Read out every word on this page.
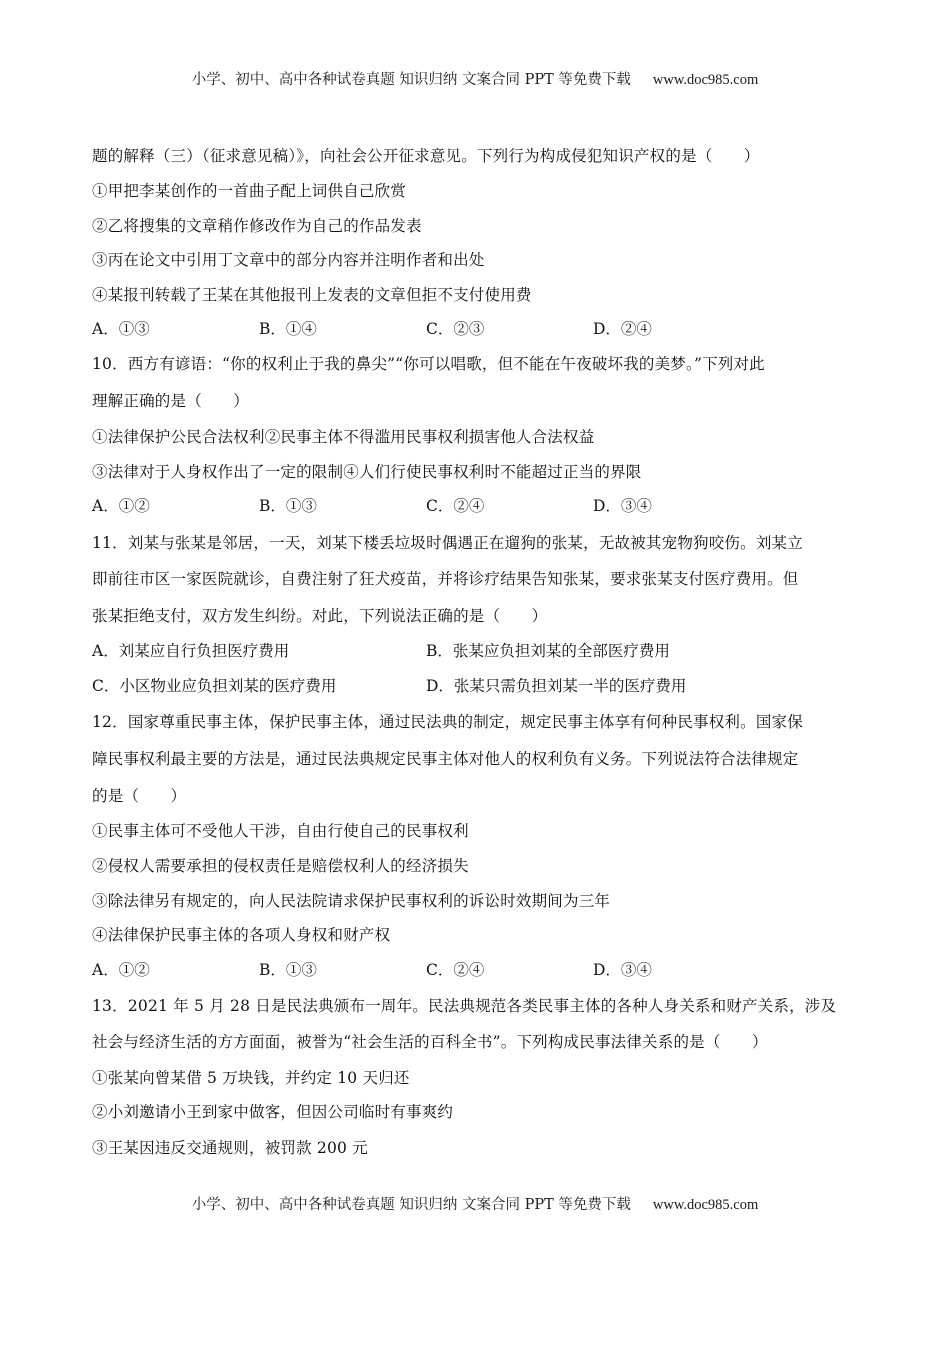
小学、初中、高中各种试卷真题 知识归纳 文案合同 PPT 等免费下载 www.doc985.com
题的解释（三）（征求意见稿）》，向社会公开征求意见。下列行为构成侵犯知识产权的是（　　）
①甲把李某创作的一首曲子配上词供自己欣赏
②乙将搜集的文章稍作修改作为自己的作品发表
③丙在论文中引用丁文章中的部分内容并注明作者和出处
④某报刊转载了王某在其他报刊上发表的文章但拒不支付使用费
A．①③	B．①④	C．②③	D．②④
10．西方有谚语：“你的权利止于我的鼻尖”“你可以唱歌，但不能在午夜破坏我的美梦。”下列对此
理解正确的是（　　）
①法律保护公民合法权利②民事主体不得滥用民事权利损害他人合法权益
③法律对于人身权作出了一定的限制④人们行使民事权利时不能超过正当的界限
A．①②	B．①③	C．②④	D．③④
11．刘某与张某是邻居，一天，刘某下楼丢垃圾时偶遇正在遛狗的张某，无故被其宠物狗咬伤。刘某立
即前往市区一家医院就诊，自费注射了狂犬疫苗，并将诊疗结果告知张某，要求张某支付医疗费用。但
张某拒绝支付，双方发生纠纷。对此，下列说法正确的是（　　）
A．刘某应自行负担医疗费用	B．张某应负担刘某的全部医疗费用
C．小区物业应负担刘某的医疗费用	D．张某只需负担刘某一半的医疗费用
12．国家尊重民事主体，保护民事主体，通过民法典的制定，规定民事主体享有何种民事权利。国家保
障民事权利最主要的方法是，通过民法典规定民事主体对他人的权利负有义务。下列说法符合法律规定
的是（　　）
①民事主体可不受他人干涉，自由行使自己的民事权利
②侵权人需要承担的侵权责任是赔偿权利人的经济损失
③除法律另有规定的，向人民法院请求保护民事权利的诉讼时效期间为三年
④法律保护民事主体的各项人身权和财产权
A．①②	B．①③	C．②④	D．③④
13．2021 年 5 月 28 日是民法典颁布一周年。民法典规范各类民事主体的各种人身关系和财产关系，涉及
社会与经济生活的方方面面，被誉为“社会生活的百科全书”。下列构成民事法律关系的是（　　）
①张某向曾某借 5 万块钱，并约定 10 天归还
②小刘邀请小王到家中做客，但因公司临时有事爽约
③王某因违反交通规则，被罚款 200 元
小学、初中、高中各种试卷真题 知识归纳 文案合同 PPT 等免费下载 www.doc985.com
